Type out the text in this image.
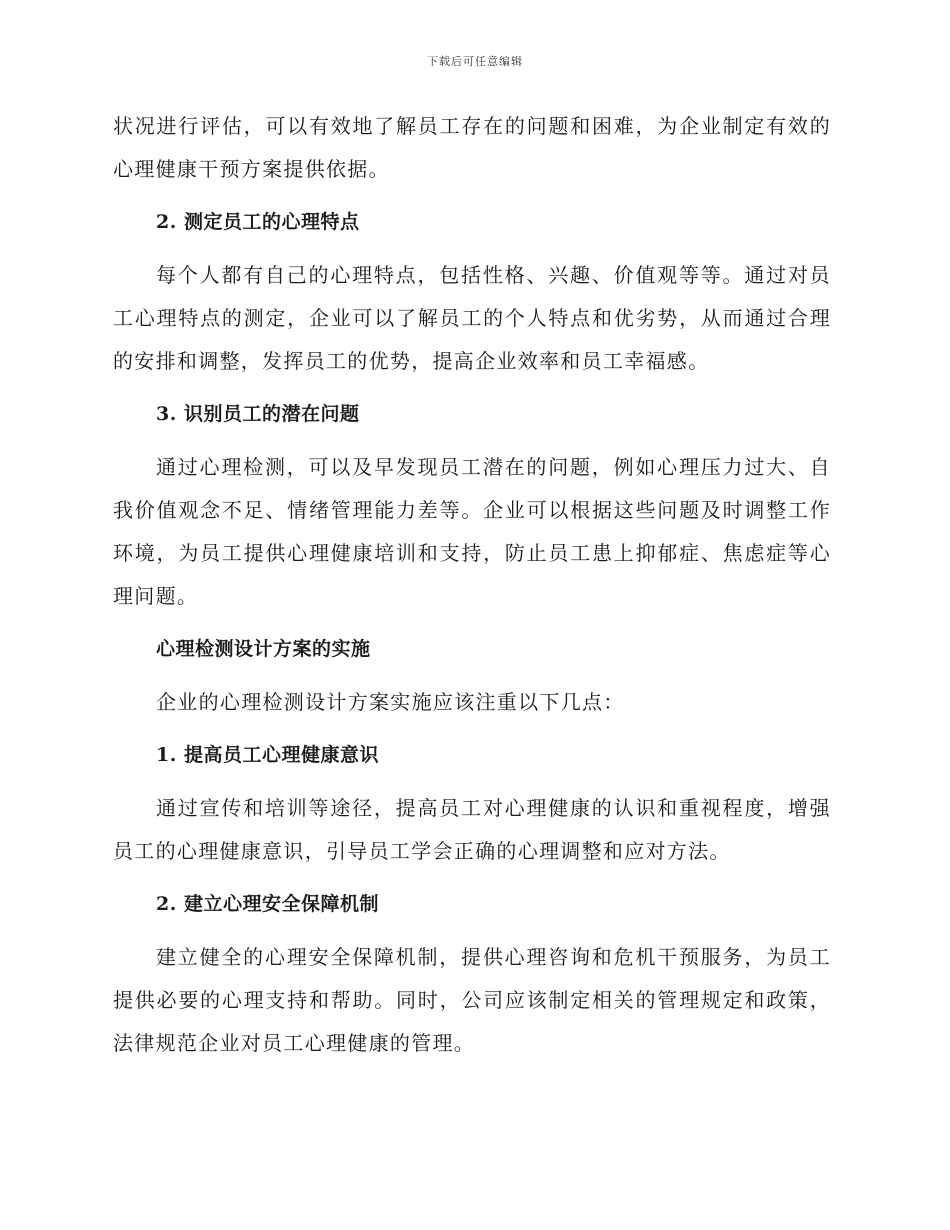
下载后可任意编辑

状况进行评估，可以有效地了解员工存在的问题和困难，为企业制定有效的心理健康干预方案提供依据。

2. 测定员工的心理特点

每个人都有自己的心理特点，包括性格、兴趣、价值观等等。通过对员工心理特点的测定，企业可以了解员工的个人特点和优劣势，从而通过合理的安排和调整，发挥员工的优势，提高企业效率和员工幸福感。

3. 识别员工的潜在问题

通过心理检测，可以及早发现员工潜在的问题，例如心理压力过大、自我价值观念不足、情绪管理能力差等。企业可以根据这些问题及时调整工作环境，为员工提供心理健康培训和支持，防止员工患上抑郁症、焦虑症等心理问题。

心理检测设计方案的实施

企业的心理检测设计方案实施应该注重以下几点：

1. 提高员工心理健康意识

通过宣传和培训等途径，提高员工对心理健康的认识和重视程度，增强员工的心理健康意识，引导员工学会正确的心理调整和应对方法。

2. 建立心理安全保障机制

建立健全的心理安全保障机制，提供心理咨询和危机干预服务，为员工提供必要的心理支持和帮助。同时，公司应该制定相关的管理规定和政策，法律规范企业对员工心理健康的管理。
